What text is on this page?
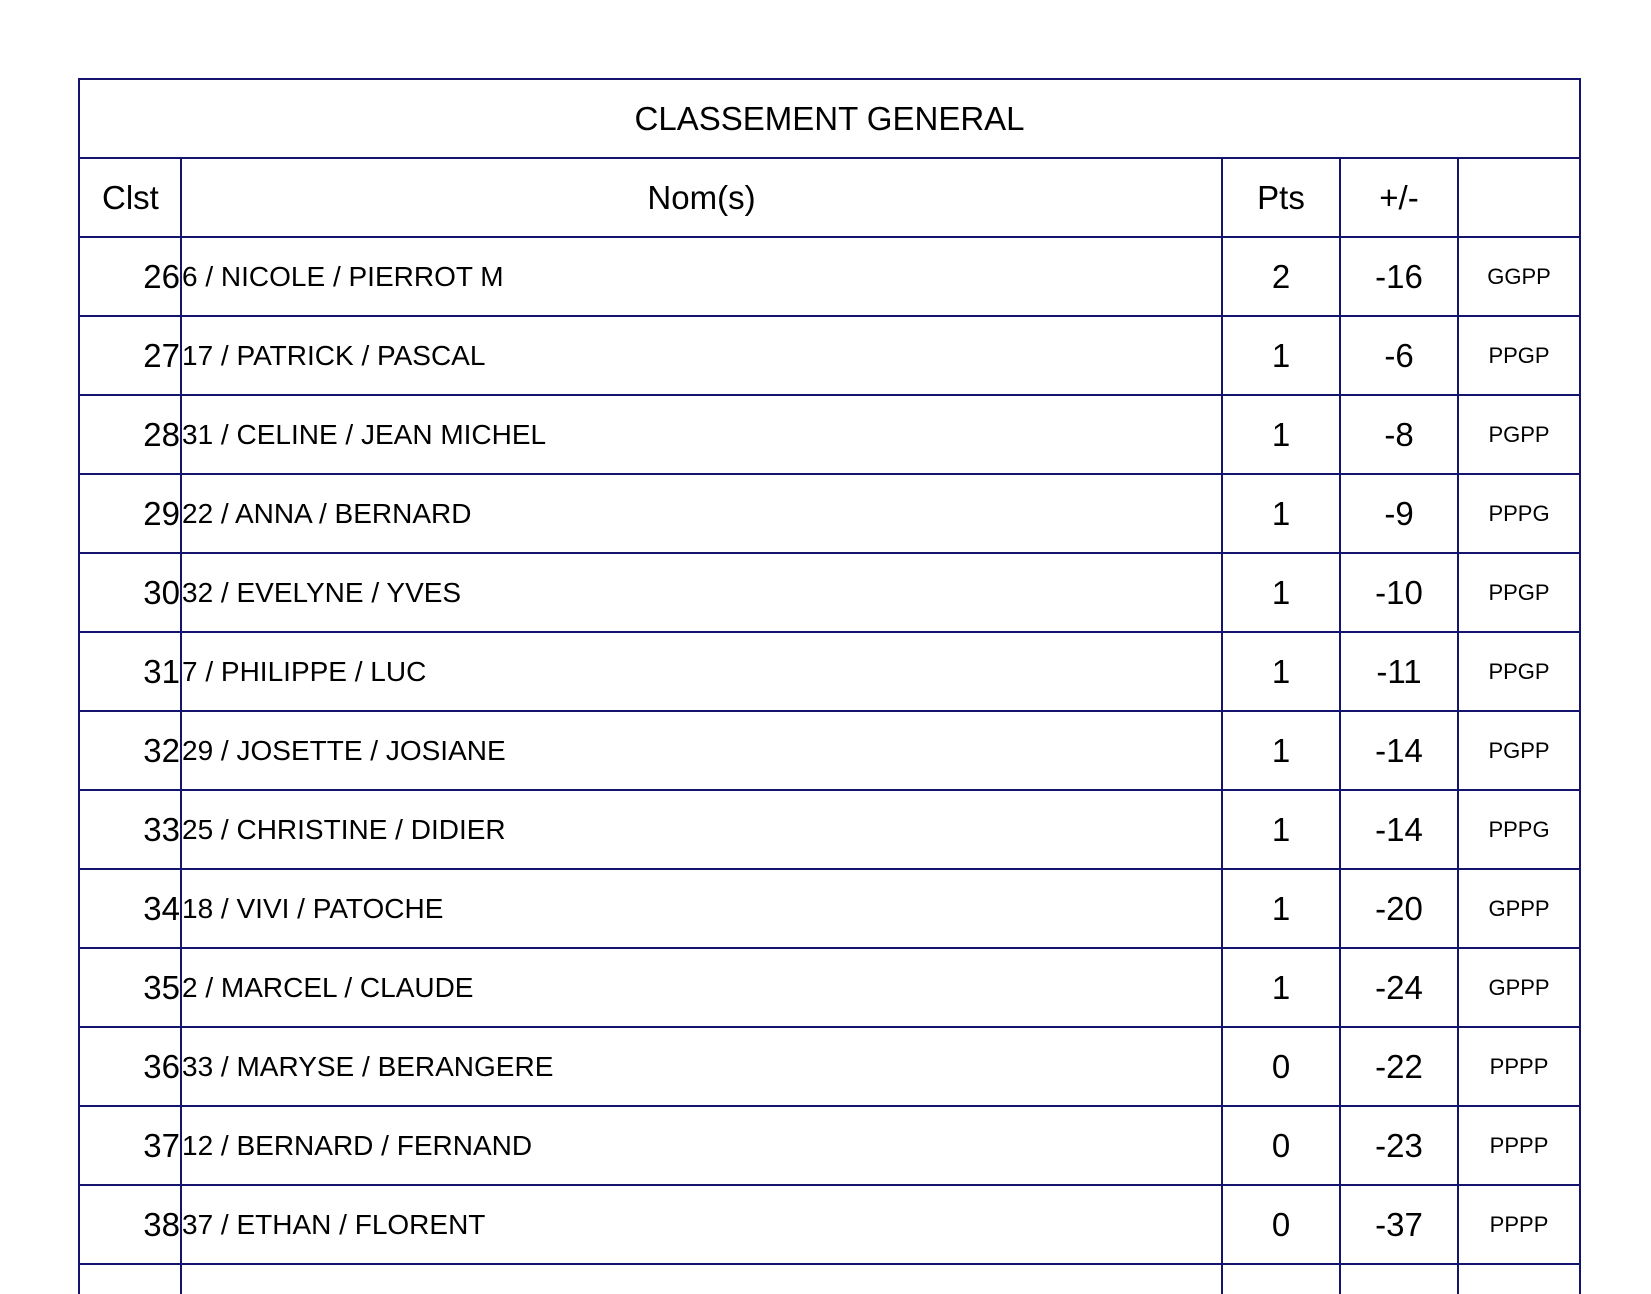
CLASSEMENT GENERAL				
Clst	Nom(s)	Pts	+/-	
26	6 / NICOLE / PIERROT M	2	-16	GGPP
27	17 / PATRICK / PASCAL	1	-6	PPGP
28	31 / CELINE / JEAN MICHEL	1	-8	PGPP
29	22 / ANNA / BERNARD	1	-9	PPPG
30	32 / EVELYNE / YVES	1	-10	PPGP
31	7 / PHILIPPE / LUC	1	-11	PPGP
32	29 / JOSETTE / JOSIANE	1	-14	PGPP
33	25 / CHRISTINE / DIDIER	1	-14	PPPG
34	18 / VIVI / PATOCHE	1	-20	GPPP
35	2 / MARCEL / CLAUDE	1	-24	GPPP
36	33 / MARYSE / BERANGERE	0	-22	PPPP
37	12 / BERNARD / FERNAND	0	-23	PPPP
38	37 / ETHAN / FLORENT	0	-37	PPPP
